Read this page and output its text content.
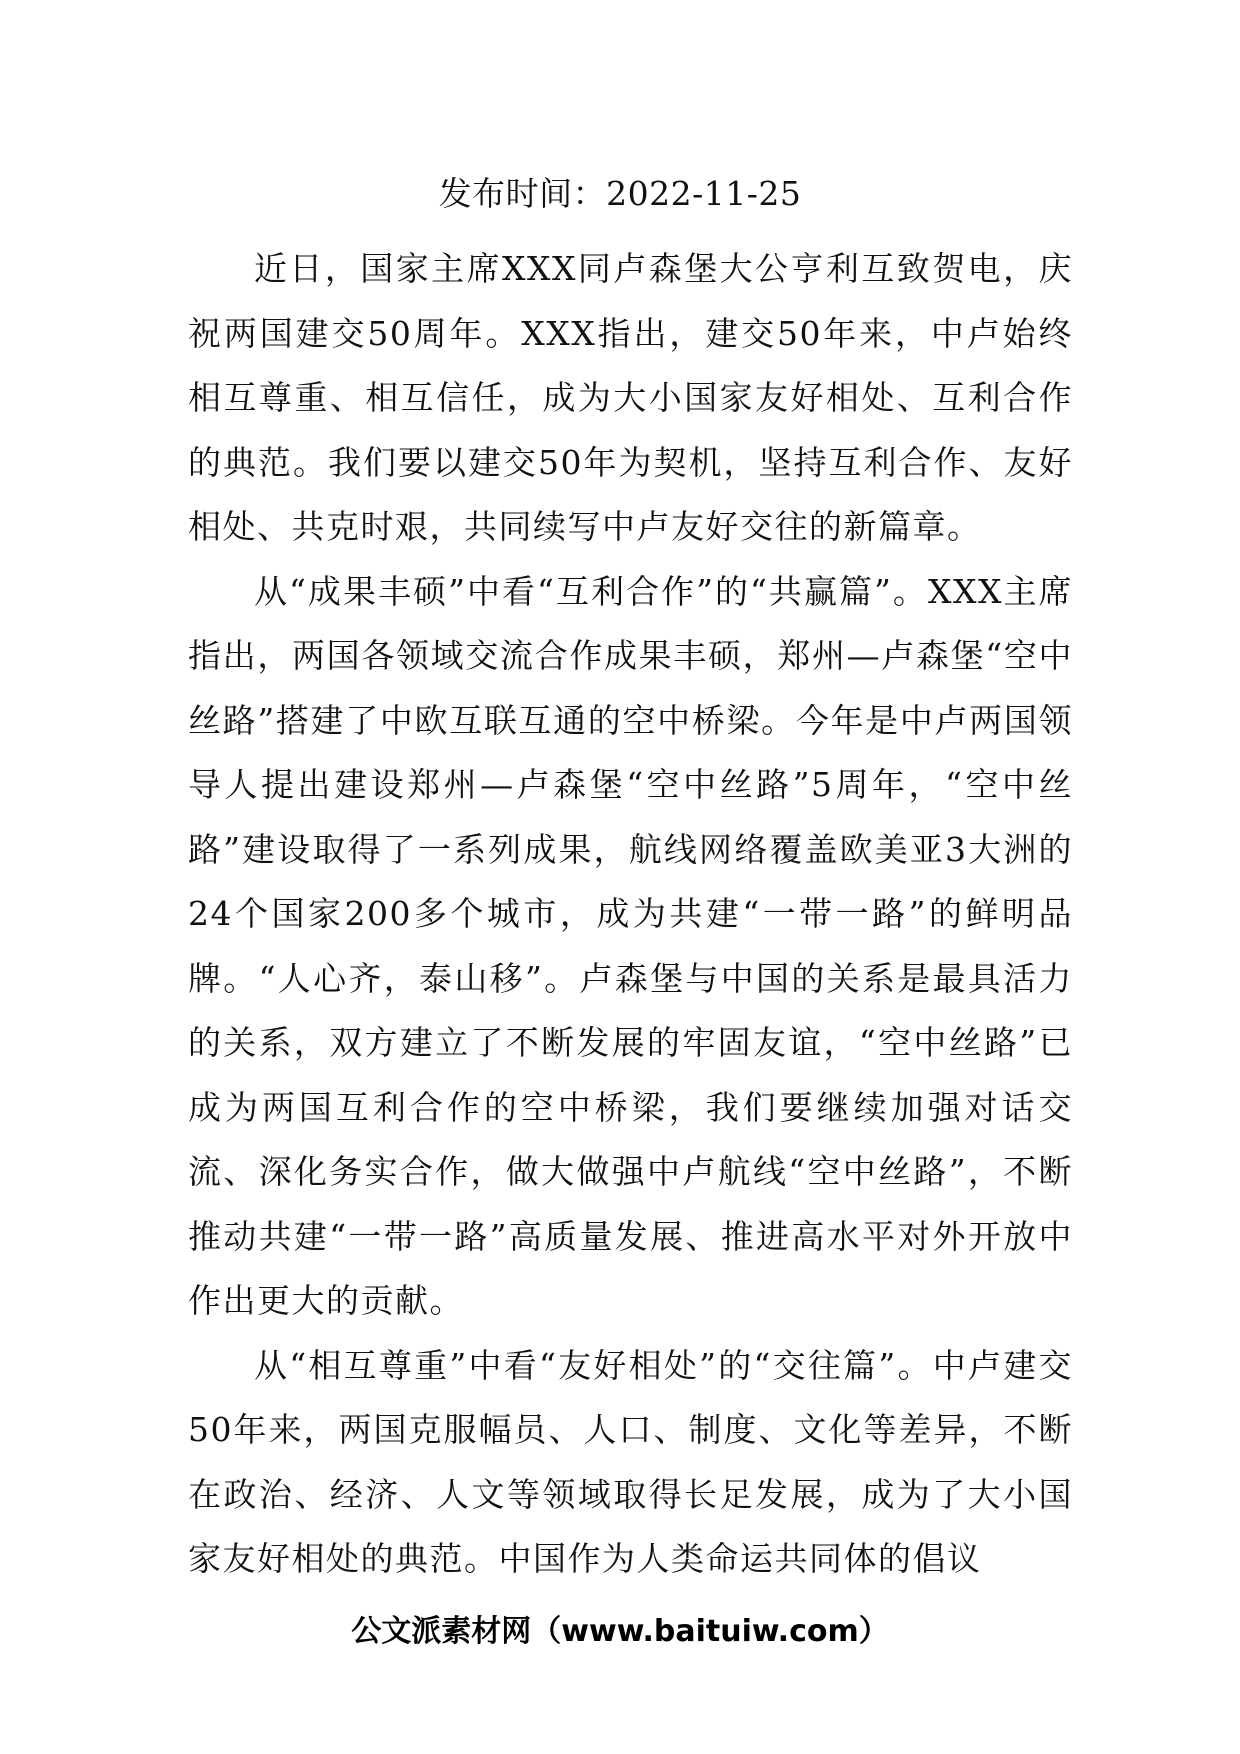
发布时间：2022-11-25

近日，国家主席XXX同卢森堡大公亨利互致贺电，庆祝两国建交50周年。XXX指出，建交50年来，中卢始终相互尊重、相互信任，成为大小国家友好相处、互利合作的典范。我们要以建交50年为契机，坚持互利合作、友好相处、共克时艰，共同续写中卢友好交往的新篇章。

从“成果丰硕”中看“互利合作”的“共赢篇”。XXX主席指出，两国各领域交流合作成果丰硕，郑州—卢森堡“空中丝路”搭建了中欧互联互通的空中桥梁。今年是中卢两国领导人提出建设郑州—卢森堡“空中丝路”5周年，“空中丝路”建设取得了一系列成果，航线网络覆盖欧美亚3大洲的24个国家200多个城市，成为共建“一带一路”的鲜明品牌。“人心齐，泰山移”。卢森堡与中国的关系是最具活力的关系，双方建立了不断发展的牢固友谊，“空中丝路”已成为两国互利合作的空中桥梁，我们要继续加强对话交流、深化务实合作，做大做强中卢航线“空中丝路”，不断推动共建“一带一路”高质量发展、推进高水平对外开放中作出更大的贡献。

从“相互尊重”中看“友好相处”的“交往篇”。中卢建交50年来，两国克服幅员、人口、制度、文化等差异，不断在政治、经济、人文等领域取得长足发展，成为了大小国家友好相处的典范。中国作为人类命运共同体的倡议

公文派素材网（www.baituiw.com）
